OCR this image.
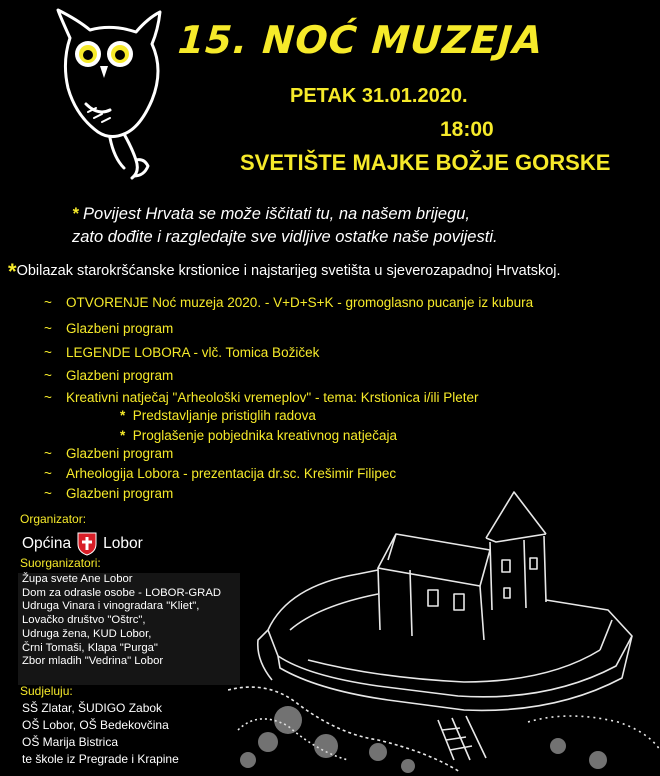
15. NOĆ MUZEJA
PETAK 31.01.2020.
18:00
SVETIŠTE MAJKE BOŽJE GORSKE
* Povijest Hrvata se može iščitati tu, na našem brijegu,
zato dođite i razgledajte sve vidljive ostatke naše povijesti.
*Obilazak starokršćanske krstionice i najstarijeg svetišta u sjeverozapadnoj Hrvatskoj.
~ OTVORENJE Noć muzeja 2020. - V+D+S+K - gromoglasno pucanje iz kubura
~ Glazbeni program
~ LEGENDE LOBORA - vlč. Tomica Božiček
~ Glazbeni program
~ Kreativni natječaj "Arheološki vremeplov" - tema: Krstionica i/ili Pleter
* Predstavljanje pristiglih radova
* Proglašenje pobjednika kreativnog natječaja
~ Glazbeni program
~ Arheologija Lobora - prezentacija dr.sc. Krešimir Filipec
~ Glazbeni program
Organizator:
Općina Lobor
Suorganizatori:
Župa svete Ane Lobor
Dom za odrasle osobe - LOBOR-GRAD
Udruga Vinara i vinogradara "Kliet",
Lovačko društvo "Oštrc",
Udruga žena, KUD Lobor,
Črni Tomaši, Klapa "Purga"
Zbor mladih "Vedrina" Lobor
Sudjeluju:
SŠ Zlatar, ŠUDIGO Zabok
OŠ Lobor, OŠ Bedekovčina
OŠ Marija Bistrica
te škole iz Pregrade i Krapine
